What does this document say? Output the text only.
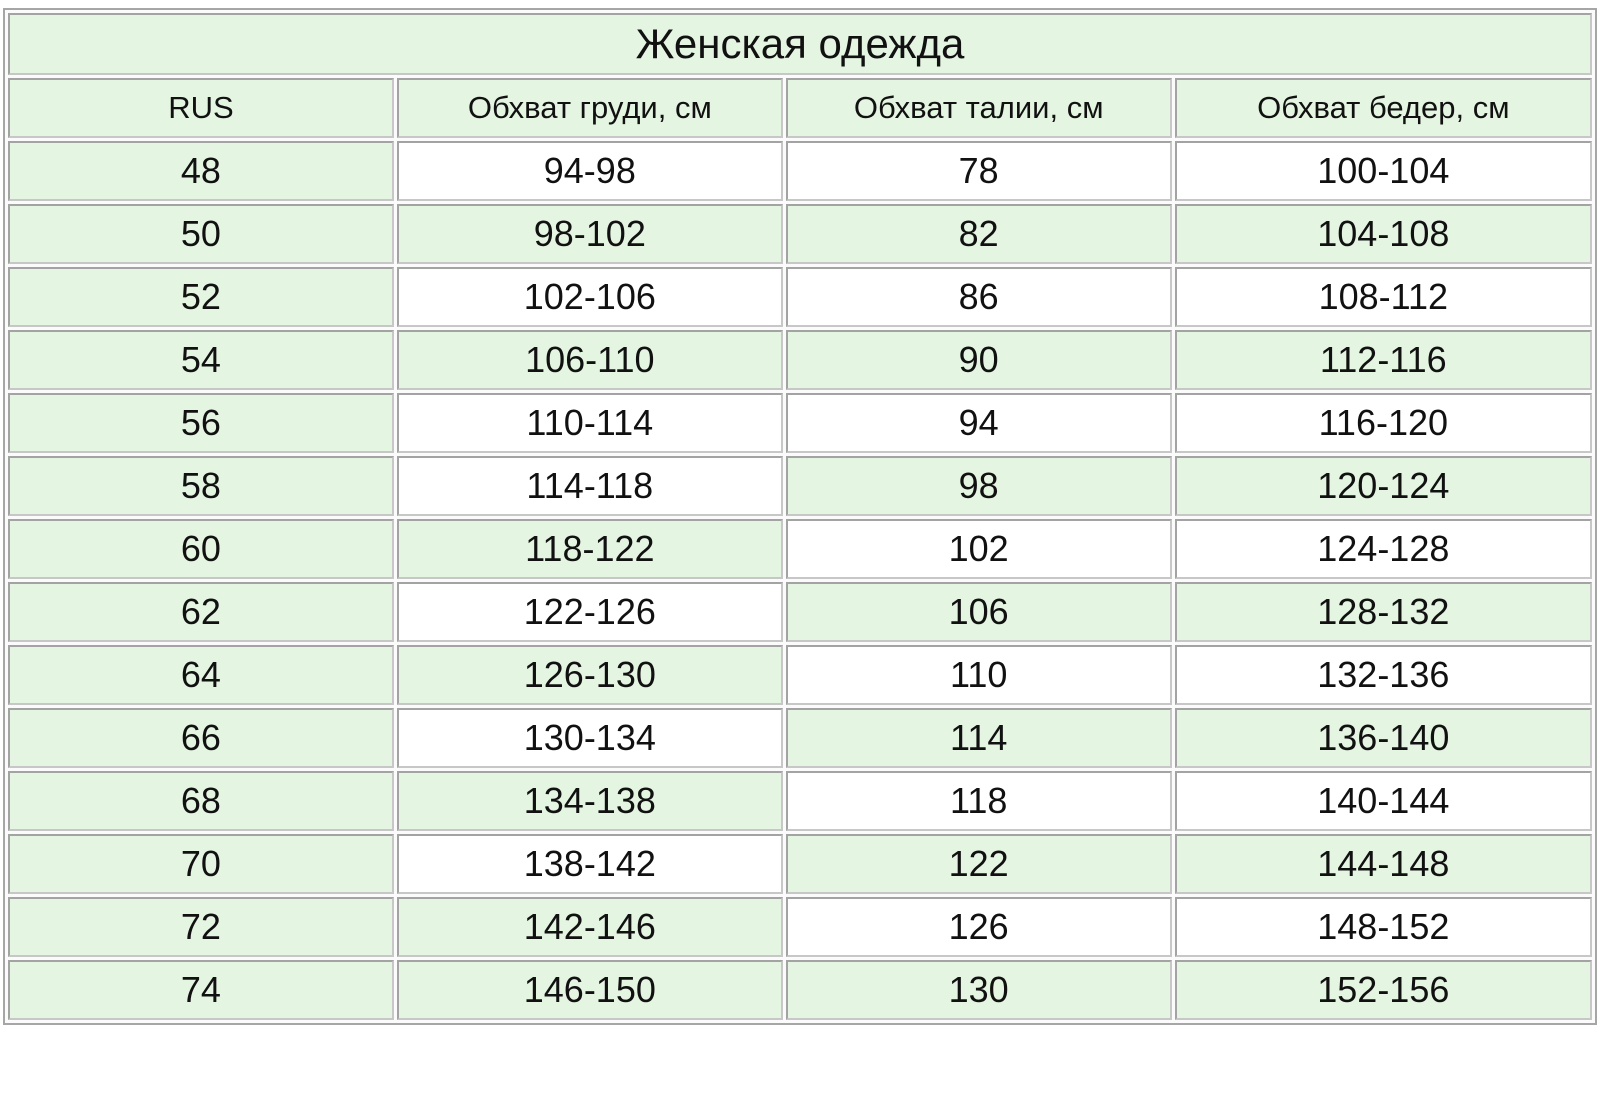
Женская одежда			
RUS	Обхват груди, см	Обхват талии, см	Обхват бедер, см
48	94-98	78	100-104
50	98-102	82	104-108
52	102-106	86	108-112
54	106-110	90	112-116
56	110-114	94	116-120
58	114-118	98	120-124
60	118-122	102	124-128
62	122-126	106	128-132
64	126-130	110	132-136
66	130-134	114	136-140
68	134-138	118	140-144
70	138-142	122	144-148
72	142-146	126	148-152
74	146-150	130	152-156
